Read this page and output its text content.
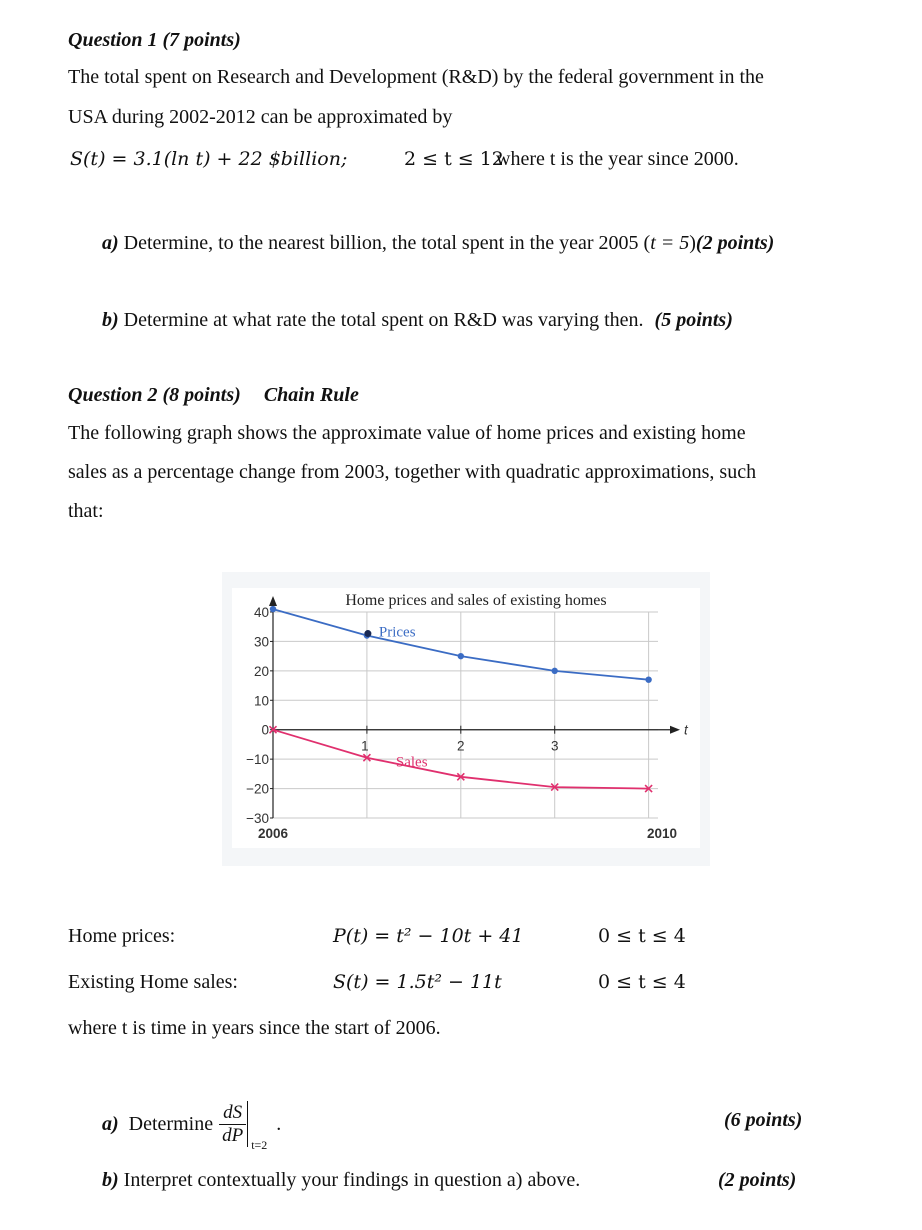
Question 1 (7 points)
The total spent on Research and Development (R&D) by the federal government in the
USA during 2002-2012 can be approximated by
S(t) = 3.1(ln t) + 22 $billion;	2 ≤ t ≤ 12
where t is the year since 2000.
a) Determine, to the nearest billion, the total spent in the year 2005 (t = 5)(2 points)
b) Determine at what rate the total spent on R&D was varying then. (5 points)
Question 2 (8 points) Chain Rule
The following graph shows the approximate value of home prices and existing home
sales as a percentage change from 2003, together with quadratic approximations, such
that:
Home prices and sales of existing homes
t
40
30
20
10
0
−10
−20
−30
1	2	3
2006	2010
Prices
Sales
Home prices:	P(t) = t² − 10t + 41	0 ≤ t ≤ 4
Existing Home sales:	S(t) = 1.5t² − 11t	0 ≤ t ≤ 4
where t is time in years since the start of 2006.
a) Determine $\frac{dS}{dP} t=2$
.	(6 points)
b) Interpret contextually your findings in question a) above.	(2 points)
